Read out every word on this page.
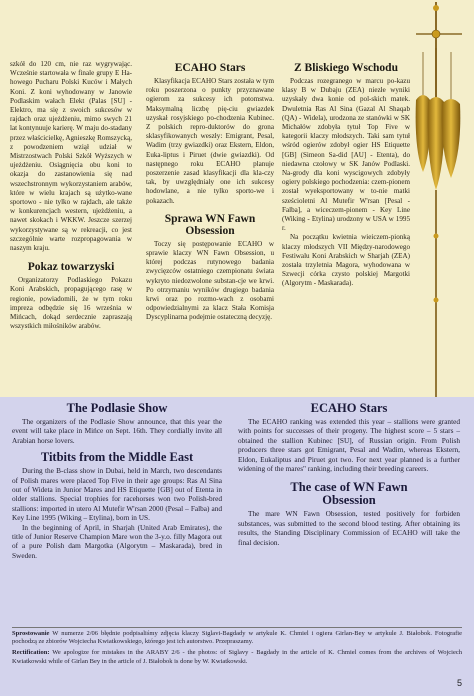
szkół do 120 cm, nie raz wygrywając. Wcześnie startowała w finale grupy E Ha-howego Pucharu Polski Kuców i Małych Koni. Z koni wyhodowany w Janowie Podlaskim wałach Elekt (Palas [SU] - Elektro, ma się z swoich sukcesów w rajdach oraz ujeżdżeniu, mimo swych 21 lat kontynuuje karierę. W maju do-stadany przez właścicielkę, Agnieszkę Romszycką, z powodzeniem wziął udział w Mistrzostwach Polski Szkół Wyższych w ujeżdżeniu. Osiągnięcia obu koni to okazja do zastanowienia się nad wszechstronnym wykorzystaniem arabów, które w wielu krajach są użytko-wane sportowo - nie tylko w rajdach, ale także w konkurencjach western, ujeżdżeniu, a nawet skokach i WKKW. Jeszcze szerzej wykorzystywane są w rekreacji, co jest szczególnie warte rozpropagowania w naszym kraju.

Pokaz towarzyski

Organizatorzy Podlaskiego Pokazu Koni Arabskich, propagującego rasę w regionie, powiadomili, że w tym roku impreza odbędzie się 16 września w Mińcach, dokąd serdecznie zapraszają wszystkich miłośników arabów.

ECAHO Stars

Klasyfikacja ECAHO Stars została w tym roku poszerzona o punkty przyznawane ogierom za sukcesy ich potomstwa. Maksymalną liczbę pię-ciu gwiazdek uzyskał rosyjskiego po-chodzenia Kubinec. Z polskich repro-duktorów do grona sklasyfikowanych weszły: Emigrant, Pesal, Wadim (trzy gwiazdki) oraz Ekstern, Eldon, Euka-liptus i Piruet (dwie gwiazdki). Od następnego roku ECAHO planuje poszerzenie zasad klasyfikacji dla kla-czy tak, by uwzględniały one ich sukcesy hodowlane, a nie tylko sporto-we i pokazach.

Sprawa WN Fawn Obsession

Toczy się postępowanie ECAHO w sprawie klaczy WN Fawn Obsession, u której podczas rutynowego badania zwycięzców ostatniego czempionatu świata wykryto niedozwolone substan-cje we krwi. Po otrzymaniu wyników drugiego badania krwi oraz po rozmo-wach z osobami odpowiedzialnymi za klacz Stała Komisja Dyscyplinarna podejmie ostateczną decyzję.

Z Bliskiego Wschodu

Podczas rozegranego w marcu po-kazu klasy B w Dubaju (ZEA) niezłe wyniki uzyskały dwa konie od pol-skich matek. Dwuletnia Ras Al Sina (Gazal Al Shaqab (QA) - Widela), urodzona ze stanówki w SK Michałów zdobyła tytuł Top Five w kategorii klaczy młodszych. Taki sam tytuł wśród ogierów zdobył ogier HS Etiquette [GB] (Simeon Sa-did [AU] - Etenta), do niedawna czołowy w SK Janów Podlaski. Na-grody dla koni wyscigowych zdobyły ogiery polskiego pochodzenia: czem-pionem został wyeksportowany w to-nie matki sześcioletni Al Mutefir W'rsan [Pesal - Falba], a wiceczem-pionem - Key Line (Wiking - Etylina) urodzony w USA w 1995 r.

Na początku kwietnia wieiczem-pionką klaczy młodszych VII Między-narodowego Festiwalu Koni Arabskich w Sharjah (ZEA) została trzyletnia Magora, wyhodowana w Szwecji córka czysto polskiej Margotki (Algorytm - Maskarada).

The Podlasie Show

The organizers of the Podlasie Show announce, that this year the event will take place in Mińce on Sept. 16th. They cordially invite all Arabian horse lovers.

Titbits from the Middle East

During the B-class show in Dubai, held in March, two descendants of Polish mares were placed Top Five in their age groups: Ras Al Sina out of Wideta in Junior Mares and HS Etiquette [GB] out of Etenta in older stallions. Special trophies for racehorses won two Polish-bred stallions: imported in utero Al Mutefir W'rsan 2000 (Pesal – Falba) and Key Line 1995 (Wiking – Etylina), born in US.

In the beginning of April, in Sharjah (United Arab Emirates), the title of Junior Reserve Champion Mare won the 3-y.o. filly Magora out of a pure Polish dam Margotka (Algorytm – Maskarada), bred in Sweden.

ECAHO Stars

The ECAHO ranking was extended this year – stallions were granted with points for successes of their progeny. The highest score – 5 stars – obtained the stallion Kubinec [SU], of Russian origin. From Polish producers three stars got Emigrant, Pesal and Wadim, whereas Ekstern, Eldon, Eukaliptus and Piruet got two. For next year planned is a further widening of the mares" ranking, including their breeding careers.

The case of WN Fawn Obsession

The mare WN Fawn Obsession, tested positively for forbiden substances, was submitted to the second blood testing. After obtaining its results, the Standing Disciplinary Commission of ECAHO will take the final decision.

Sprostowanie W numerze 2/06 błędnie podpisaliśmy zdjęcia klaczy Siglavi-Bagdady w artykule K. Chmiel i ogiera Girlan-Bey w artykule J. Białobok. Fotografie pochodzą ze zbiorów Wojciecha Kwiatkowskiego, którego jest ich autorstwo. Przepraszamy.

Rectification: We apologize for mistakes in the ARABY 2/6 - the photos: of Siglavy - Bagdady in the article of K. Chmiel comes from the archives of Wojciech Kwiatkowski while of Girlan Bey in the article of J. Białobok is done by W. Kwiatkowski.

5
